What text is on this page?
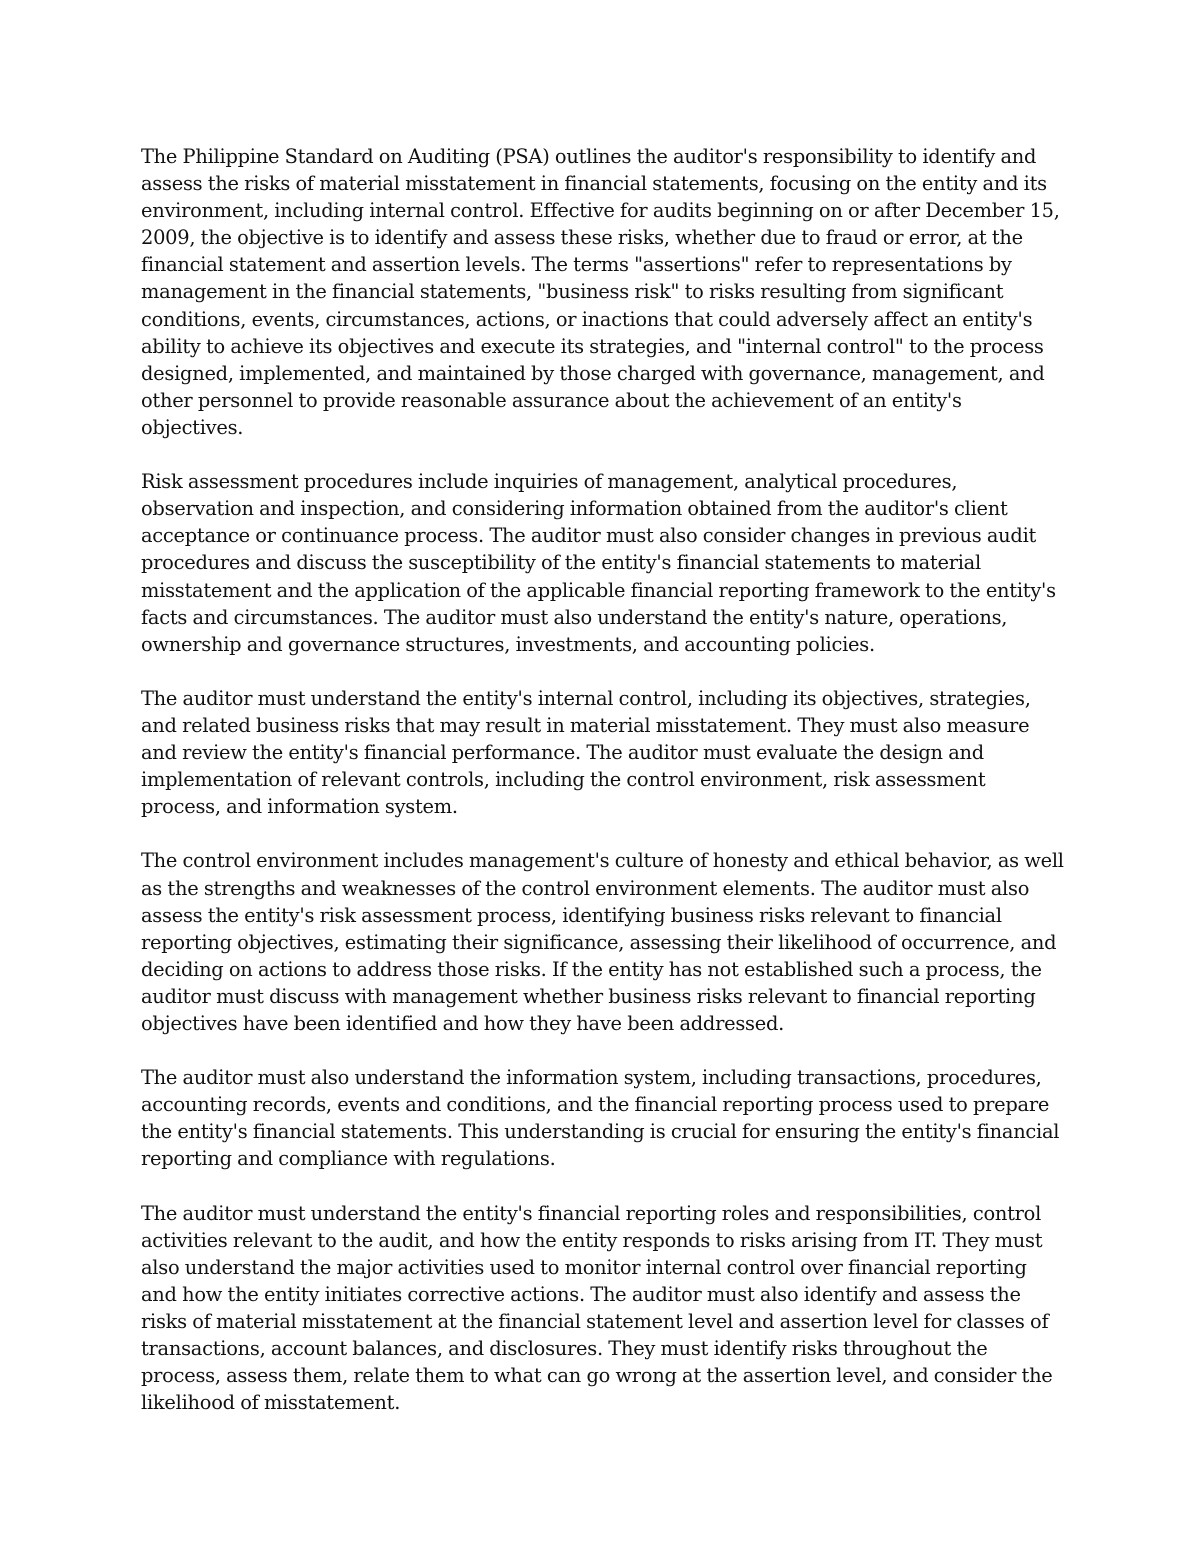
The Philippine Standard on Auditing (PSA) outlines the auditor's responsibility to identify and assess the risks of material misstatement in financial statements, focusing on the entity and its environment, including internal control. Effective for audits beginning on or after December 15, 2009, the objective is to identify and assess these risks, whether due to fraud or error, at the financial statement and assertion levels. The terms "assertions" refer to representations by management in the financial statements, "business risk" to risks resulting from significant conditions, events, circumstances, actions, or inactions that could adversely affect an entity's ability to achieve its objectives and execute its strategies, and "internal control" to the process designed, implemented, and maintained by those charged with governance, management, and other personnel to provide reasonable assurance about the achievement of an entity's objectives.

Risk assessment procedures include inquiries of management, analytical procedures, observation and inspection, and considering information obtained from the auditor's client acceptance or continuance process. The auditor must also consider changes in previous audit procedures and discuss the susceptibility of the entity's financial statements to material misstatement and the application of the applicable financial reporting framework to the entity's facts and circumstances. The auditor must also understand the entity's nature, operations, ownership and governance structures, investments, and accounting policies.

The auditor must understand the entity's internal control, including its objectives, strategies, and related business risks that may result in material misstatement. They must also measure and review the entity's financial performance. The auditor must evaluate the design and implementation of relevant controls, including the control environment, risk assessment process, and information system.

The control environment includes management's culture of honesty and ethical behavior, as well as the strengths and weaknesses of the control environment elements. The auditor must also assess the entity's risk assessment process, identifying business risks relevant to financial reporting objectives, estimating their significance, assessing their likelihood of occurrence, and deciding on actions to address those risks. If the entity has not established such a process, the auditor must discuss with management whether business risks relevant to financial reporting objectives have been identified and how they have been addressed.

The auditor must also understand the information system, including transactions, procedures, accounting records, events and conditions, and the financial reporting process used to prepare the entity's financial statements. This understanding is crucial for ensuring the entity's financial reporting and compliance with regulations.

The auditor must understand the entity's financial reporting roles and responsibilities, control activities relevant to the audit, and how the entity responds to risks arising from IT. They must also understand the major activities used to monitor internal control over financial reporting and how the entity initiates corrective actions. The auditor must also identify and assess the risks of material misstatement at the financial statement level and assertion level for classes of transactions, account balances, and disclosures. They must identify risks throughout the process, assess them, relate them to what can go wrong at the assertion level, and consider the likelihood of misstatement.
